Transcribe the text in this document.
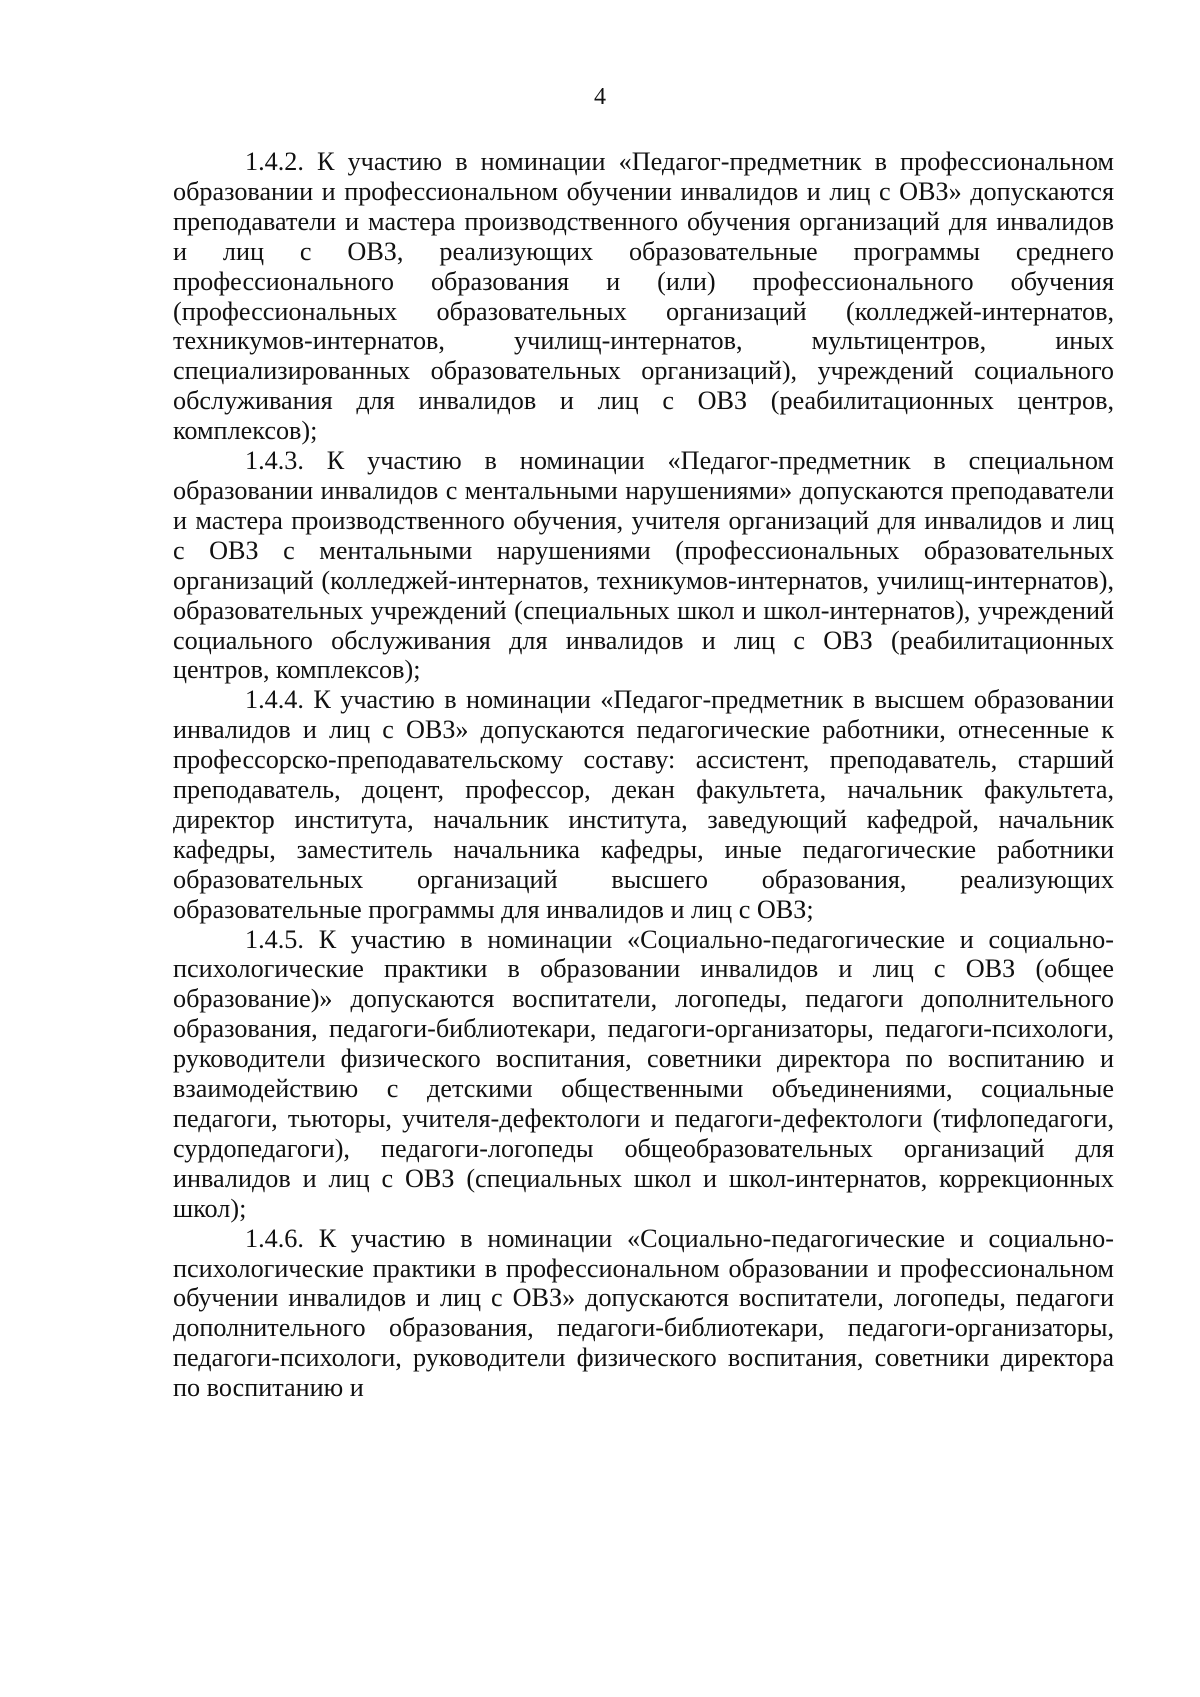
4

1.4.2. К участию в номинации «Педагог-предметник в профессиональном образовании и профессиональном обучении инвалидов и лиц с ОВЗ» допускаются преподаватели и мастера производственного обучения организаций для инвалидов и лиц с ОВЗ, реализующих образовательные программы среднего профессионального образования и (или) профессионального обучения (профессиональных образовательных организаций (колледжей-интернатов, техникумов-интернатов, училищ-интернатов, мультицентров, иных специализированных образовательных организаций), учреждений социального обслуживания для инвалидов и лиц с ОВЗ (реабилитационных центров, комплексов);

1.4.3. К участию в номинации «Педагог-предметник в специальном образовании инвалидов с ментальными нарушениями» допускаются преподаватели и мастера производственного обучения, учителя организаций для инвалидов и лиц с ОВЗ с ментальными нарушениями (профессиональных образовательных организаций (колледжей-интернатов, техникумов-интернатов, училищ-интернатов), образовательных учреждений (специальных школ и школ-интернатов), учреждений социального обслуживания для инвалидов и лиц с ОВЗ (реабилитационных центров, комплексов);

1.4.4. К участию в номинации «Педагог-предметник в высшем образовании инвалидов и лиц с ОВЗ» допускаются педагогические работники, отнесенные к профессорско-преподавательскому составу: ассистент, преподаватель, старший преподаватель, доцент, профессор, декан факультета, начальник факультета, директор института, начальник института, заведующий кафедрой, начальник кафедры, заместитель начальника кафедры, иные педагогические работники образовательных организаций высшего образования, реализующих образовательные программы для инвалидов и лиц с ОВЗ;

1.4.5. К участию в номинации «Социально-педагогические и социально-психологические практики в образовании инвалидов и лиц с ОВЗ (общее образование)» допускаются воспитатели, логопеды, педагоги дополнительного образования, педагоги-библиотекари, педагоги-организаторы, педагоги-психологи, руководители физического воспитания, советники директора по воспитанию и взаимодействию с детскими общественными объединениями, социальные педагоги, тьюторы, учителя-дефектологи и педагоги-дефектологи (тифлопедагоги, сурдопедагоги), педагоги-логопеды общеобразовательных организаций для инвалидов и лиц с ОВЗ (специальных школ и школ-интернатов, коррекционных школ);

1.4.6. К участию в номинации «Социально-педагогические и социально-психологические практики в профессиональном образовании и профессиональном обучении инвалидов и лиц с ОВЗ» допускаются воспитатели, логопеды, педагоги дополнительного образования, педагоги-библиотекари, педагоги-организаторы, педагоги-психологи, руководители физического воспитания, советники директора по воспитанию и
